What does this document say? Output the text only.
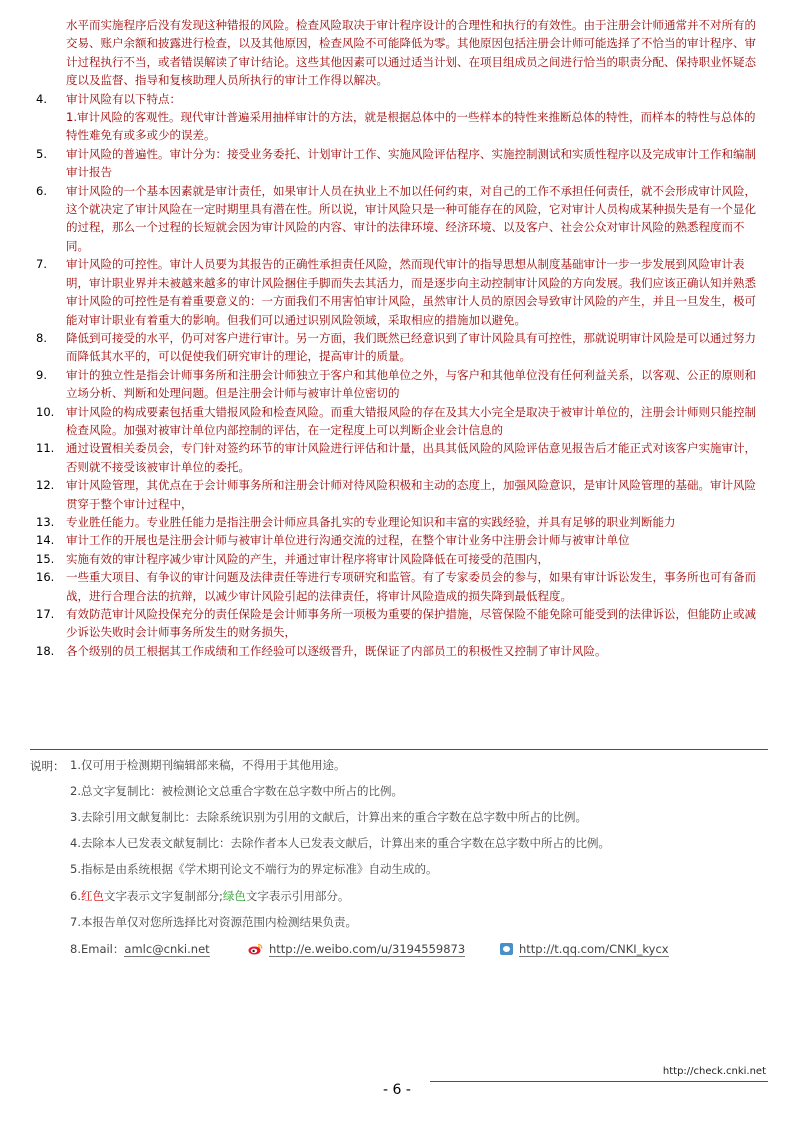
水平而实施程序后没有发现这种错报的风险。检查风险取决于审计程序设计的合理性和执行的有效性。由于注册会计师通常并不对所有的交易、账户余额和披露进行检查，以及其他原因，检查风险不可能降低为零。其他原因包括注册会计师可能选择了不恰当的审计程序、审计过程执行不当，或者错误解读了审计结论。这些其他因素可以通过适当计划、在项目组成员之间进行恰当的职责分配、保持职业怀疑态度以及监督、指导和复核助理人员所执行的审计工作得以解决。
4.	审计风险有以下特点：
1.审计风险的客观性。现代审计普遍采用抽样审计的方法，就是根据总体中的一些样本的特性来推断总体的特性，而样本的特性与总体的特性难免有或多或少的误差。
5.	审计风险的普遍性。审计分为：接受业务委托、计划审计工作、实施风险评估程序、实施控制测试和实质性程序以及完成审计工作和编制审计报告
6.	审计风险的一个基本因素就是审计责任，如果审计人员在执业上不加以任何约束，对自己的工作不承担任何责任，就不会形成审计风险，这个就决定了审计风险在一定时期里具有潜在性。所以说，审计风险只是一种可能存在的风险，它对审计人员构成某种损失是有一个显化的过程，那么一个过程的长短就会因为审计风险的内容、审计的法律环境、经济环境、以及客户、社会公众对审计风险的熟悉程度而不同。
7.	审计风险的可控性。审计人员要为其报告的正确性承担责任风险，然而现代审计的指导思想从制度基础审计一步一步发展到风险审计表明，审计职业界并未被越来越多的审计风险捆住手脚而失去其活力，而是逐步向主动控制审计风险的方向发展。我们应该正确认知并熟悉审计风险的可控性是有着重要意义的：一方面我们不用害怕审计风险，虽然审计人员的原因会导致审计风险的产生，并且一旦发生，极可能对审计职业有着重大的影响。但我们可以通过识别风险领域，采取相应的措施加以避免。
8.	降低到可接受的水平，仍可对客户进行审计。另一方面，我们既然已经意识到了审计风险具有可控性，那就说明审计风险是可以通过努力而降低其水平的，可以促使我们研究审计的理论，提高审计的质量。
9.	审计的独立性是指会计师事务所和注册会计师独立于客户和其他单位之外，与客户和其他单位没有任何利益关系，以客观、公正的原则和立场分析、判断和处理问题。但是注册会计师与被审计单位密切的
10.	审计风险的构成要素包括重大错报风险和检查风险。而重大错报风险的存在及其大小完全是取决于被审计单位的，注册会计师则只能控制检查风险。加强对被审计单位内部控制的评估，在一定程度上可以判断企业会计信息的
11.	通过设置相关委员会，专门针对签约环节的审计风险进行评估和计量，出具其低风险的风险评估意见报告后才能正式对该客户实施审计，否则就不接受该被审计单位的委托。
12.	审计风险管理，其优点在于会计师事务所和注册会计师对待风险积极和主动的态度上，加强风险意识，是审计风险管理的基础。审计风险贯穿于整个审计过程中，
13.	专业胜任能力。专业胜任能力是指注册会计师应具备扎实的专业理论知识和丰富的实践经验，并具有足够的职业判断能力
14.	审计工作的开展也是注册会计师与被审计单位进行沟通交流的过程，在整个审计业务中注册会计师与被审计单位
15.	实施有效的审计程序减少审计风险的产生，并通过审计程序将审计风险降低在可接受的范围内，
16.	一些重大项目、有争议的审计问题及法律责任等进行专项研究和监管。有了专家委员会的参与，如果有审计诉讼发生，事务所也可有备而战，进行合理合法的抗辩，以减少审计风险引起的法律责任，将审计风险造成的损失降到最低程度。
17.	有效防范审计风险投保充分的责任保险是会计师事务所一项极为重要的保护措施，尽管保险不能免除可能受到的法律诉讼，但能防止或减少诉讼失败时会计师事务所发生的财务损失，
18.	各个级别的员工根据其工作成绩和工作经验可以逐级晋升，既保证了内部员工的积极性又控制了审计风险。
说明： 1.仅可用于检测期刊编辑部来稿，不得用于其他用途。
2.总文字复制比：被检测论文总重合字数在总字数中所占的比例。
3.去除引用文献复制比：去除系统识别为引用的文献后，计算出来的重合字数在总字数中所占的比例。
4.去除本人已发表文献复制比：去除作者本人已发表文献后，计算出来的重合字数在总字数中所占的比例。
5.指标是由系统根据《学术期刊论文不端行为的界定标准》自动生成的。
6.红色文字表示文字复制部分;绿色文字表示引用部分。
7.本报告单仅对您所选择比对资源范围内检测结果负责。
8.Email：amlc@cnki.net	http://e.weibo.com/u/3194559873	http://t.qq.com/CNKI_kycx
http://check.cnki.net
- 6 -
